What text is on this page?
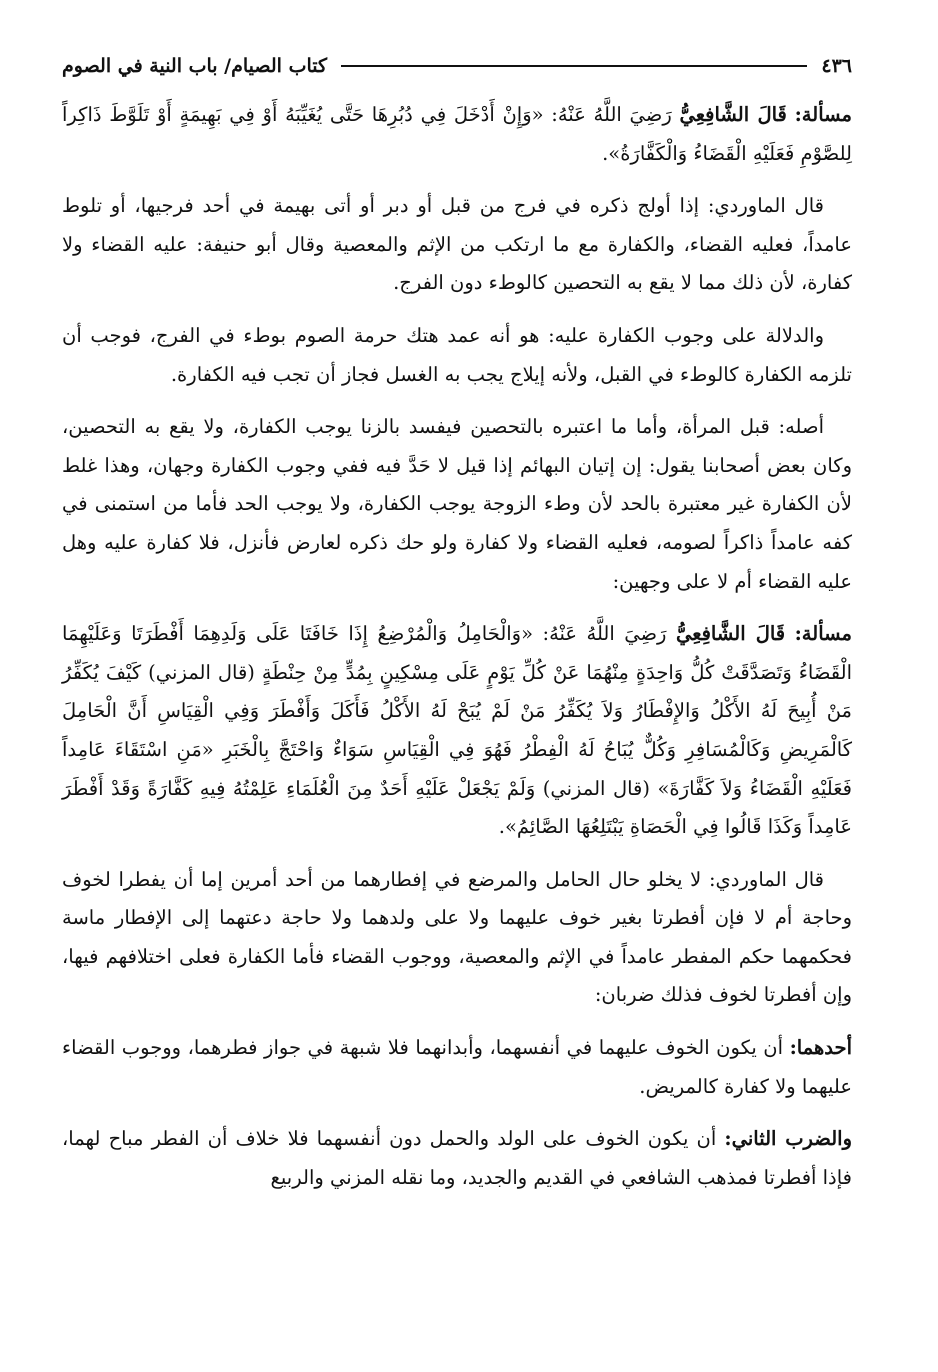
٤٣٦
كتاب الصيام/ باب النية في الصوم

مسألة: قَالَ الشَّافِعِيُّ رَضِيَ اللَّهُ عَنْهُ: «وَإِنْ أَدْخَلَ فِي دُبُرِهَا حَتَّى يُغَيِّبَهُ أَوْ فِي بَهِيمَةٍ أَوْ تَلَوَّطَ ذَاكِراً لِلصَّوْمِ فَعَلَيْهِ الْقَضَاءُ وَالْكَفَّارَةُ».

قال الماوردي: إذا أولج ذكره في فرج من قبل أو دبر أو أتى بهيمة في أحد فرجيها، أو تلوط عامداً، فعليه القضاء، والكفارة مع ما ارتكب من الإثم والمعصية وقال أبو حنيفة: عليه القضاء ولا كفارة، لأن ذلك مما لا يقع به التحصين كالوطء دون الفرج.

والدلالة على وجوب الكفارة عليه: هو أنه عمد هتك حرمة الصوم بوطء في الفرج، فوجب أن تلزمه الكفارة كالوطء في القبل، ولأنه إيلاج يجب به الغسل فجاز أن تجب فيه الكفارة.

أصله: قبل المرأة، وأما ما اعتبره بالتحصين فيفسد بالزنا يوجب الكفارة، ولا يقع به التحصين، وكان بعض أصحابنا يقول: إن إتيان البهائم إذا قيل لا حَدَّ فيه ففي وجوب الكفارة وجهان، وهذا غلط لأن الكفارة غير معتبرة بالحد لأن وطء الزوجة يوجب الكفارة، ولا يوجب الحد فأما من استمنى في كفه عامداً ذاكراً لصومه، فعليه القضاء ولا كفارة ولو حك ذكره لعارض فأنزل، فلا كفارة عليه وهل عليه القضاء أم لا على وجهين:

مسألة: قَالَ الشَّافِعِيُّ رَضِيَ اللَّهُ عَنْهُ: «وَالْحَامِلُ وَالْمُرْضِعُ إِذَا خَافَتَا عَلَى وَلَدِهِمَا أَفْطَرَتَا وَعَلَيْهِمَا الْقَضَاءُ وَتَصَدَّقَتْ كُلُّ وَاحِدَةٍ مِنْهُمَا عَنْ كُلِّ يَوْمٍ عَلَى مِسْكِينٍ بِمُدٍّ مِنْ حِنْطَةٍ (قال المزني) كَيْفَ يُكَفِّرُ مَنْ أُبِيحَ لَهُ الأَكْلُ وَالإِفْطَارُ وَلاَ يُكَفِّرُ مَنْ لَمْ يُبَحْ لَهُ الأَكْلُ فَأَكَلَ وَأَفْطَرَ وَفِي الْقِيَاسِ أَنَّ الْحَامِلَ كَالْمَرِيضِ وَكَالْمُسَافِرِ وَكُلٌّ يُبَاحُ لَهُ الْفِطْرُ فَهُوَ فِي الْقِيَاسِ سَوَاءٌ وَاحْتَجَّ بِالْخَبَرِ «مَنِ اسْتَقَاءَ عَامِداً فَعَلَيْهِ الْقَضَاءُ وَلاَ كَفَّارَةَ» (قال المزني) وَلَمْ يَجْعَلْ عَلَيْهِ أَحَدٌ مِنَ الْعُلَمَاءِ عَلِمْتُهُ فِيهِ كَفَّارَةً وَقَدْ أَفْطَرَ عَامِداً وَكَذَا قَالُوا فِي الْحَصَاةِ يَبْتَلِعُهَا الصَّائِمُ».

قال الماوردي: لا يخلو حال الحامل والمرضع في إفطارهما من أحد أمرين إما أن يفطرا لخوف وحاجة أم لا فإن أفطرتا بغير خوف عليهما ولا على ولدهما ولا حاجة دعتهما إلى الإفطار ماسة فحكمهما حكم المفطر عامداً في الإثم والمعصية، ووجوب القضاء فأما الكفارة فعلى اختلافهم فيها، وإن أفطرتا لخوف فذلك ضربان:

أحدهما: أن يكون الخوف عليهما في أنفسهما، وأبدانهما فلا شبهة في جواز فطرهما، ووجوب القضاء عليهما ولا كفارة كالمريض.

والضرب الثاني: أن يكون الخوف على الولد والحمل دون أنفسهما فلا خلاف أن الفطر مباح لهما، فإذا أفطرتا فمذهب الشافعي في القديم والجديد، وما نقله المزني والربيع
